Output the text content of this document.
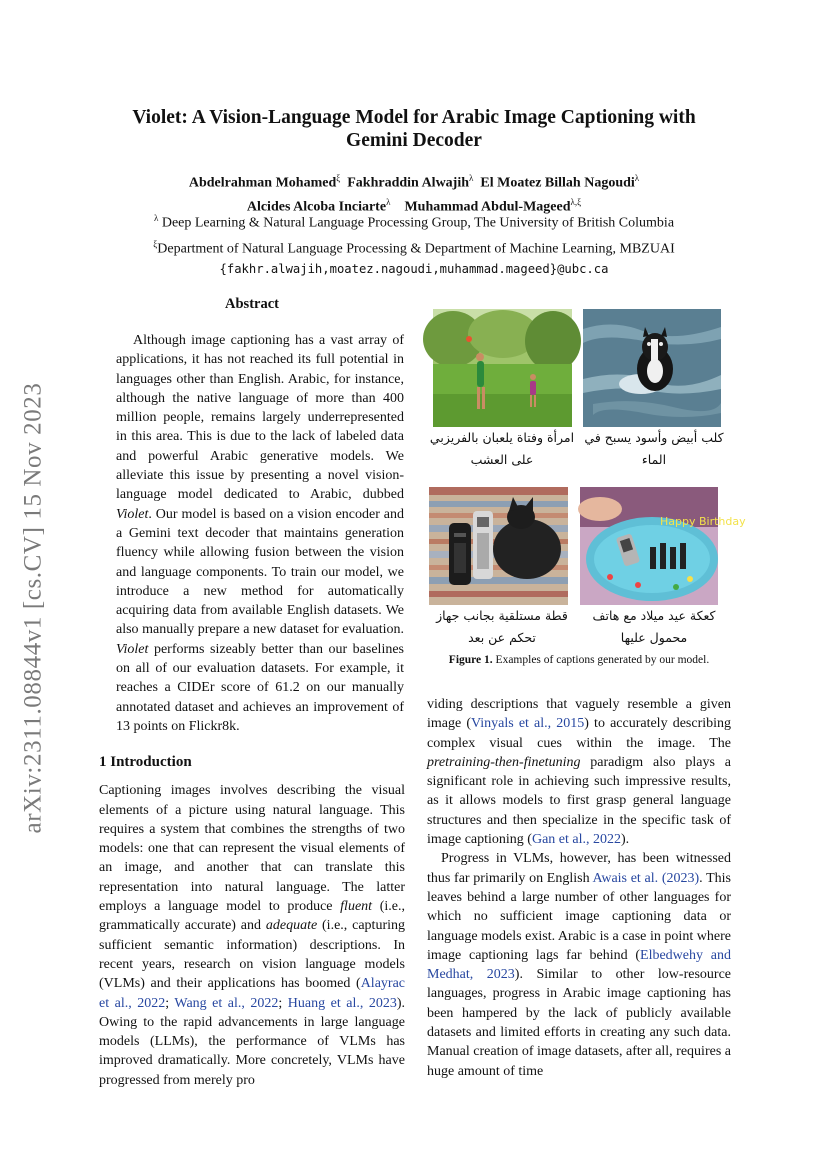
arXiv:2311.08844v1 [cs.CV] 15 Nov 2023
Violet: A Vision-Language Model for Arabic Image Captioning with
Gemini Decoder
Abdelrahman Mohamed$^\xi$ Fakhraddin Alwajih$^\lambda$ El Moatez Billah Nagoudi$^\lambda$
Alcides Alcoba Inciarte$^\lambda$ Muhammad Abdul-Mageed$^{\lambda,\xi}$
$^\lambda$ Deep Learning & Natural Language Processing Group, The University of British Columbia
$^\xi$Department of Natural Language Processing & Department of Machine Learning, MBZUAI
{fakhr.alwajih,moatez.nagoudi,muhammad.mageed}@ubc.ca
Abstract

Although image captioning has a vast array of applications, it has not reached its full potential in languages other than English. Arabic, for instance, although the native language of more than 400 million people, remains largely underrepresented in this area. This is due to the lack of labeled data and powerful Arabic generative models. We alleviate this issue by presenting a novel vision-language model dedicated to Arabic, dubbed Violet. Our model is based on a vision encoder and a Gemini text decoder that maintains generation fluency while allowing fusion between the vision and language components. To train our model, we introduce a new method for automatically acquiring data from available English datasets. We also manually prepare a new dataset for evaluation. Violet performs sizeably better than our baselines on all of our evaluation datasets. For example, it reaches a CIDEr score of 61.2 on our manually annotated dataset and achieves an improvement of 13 points on Flickr8k.

1 Introduction

Captioning images involves describing the visual elements of a picture using natural language. This requires a system that combines the strengths of two models: one that can represent the visual elements of an image, and another that can translate this representation into natural language. The latter employs a language model to produce fluent (i.e., grammatically accurate) and adequate (i.e., capturing sufficient semantic information) descriptions. In recent years, research on vision language models (VLMs) and their applications has boomed (Alayrac et al., 2022; Wang et al., 2022; Huang et al., 2023). Owing to the rapid advancements in large language models (LLMs), the performance of VLMs has improved dramatically. More concretely, VLMs have progressed from merely pro

امرأة وفتاة يلعبان بالفريزبي على العشب
كلب أبيض وأسود يسبح في الماء
قطة مستلقية بجانب جهاز تحكم عن بعد
Happy Birthday
كعكة عيد ميلاد مع هاتف محمول عليها
Figure 1. Examples of captions generated by our model.

viding descriptions that vaguely resemble a given image (Vinyals et al., 2015) to accurately describing complex visual cues within the image. The pretraining-then-finetuning paradigm also plays a significant role in achieving such impressive results, as it allows models to first grasp general language structures and then specialize in the specific task of image captioning (Gan et al., 2022).

Progress in VLMs, however, has been witnessed thus far primarily on English Awais et al. (2023). This leaves behind a large number of other languages for which no sufficient image captioning data or language models exist. Arabic is a case in point where image captioning lags far behind (Elbedwehy and Medhat, 2023). Similar to other low-resource languages, progress in Arabic image captioning has been hampered by the lack of publicly available datasets and limited efforts in creating any such data. Manual creation of image datasets, after all, requires a huge amount of time
